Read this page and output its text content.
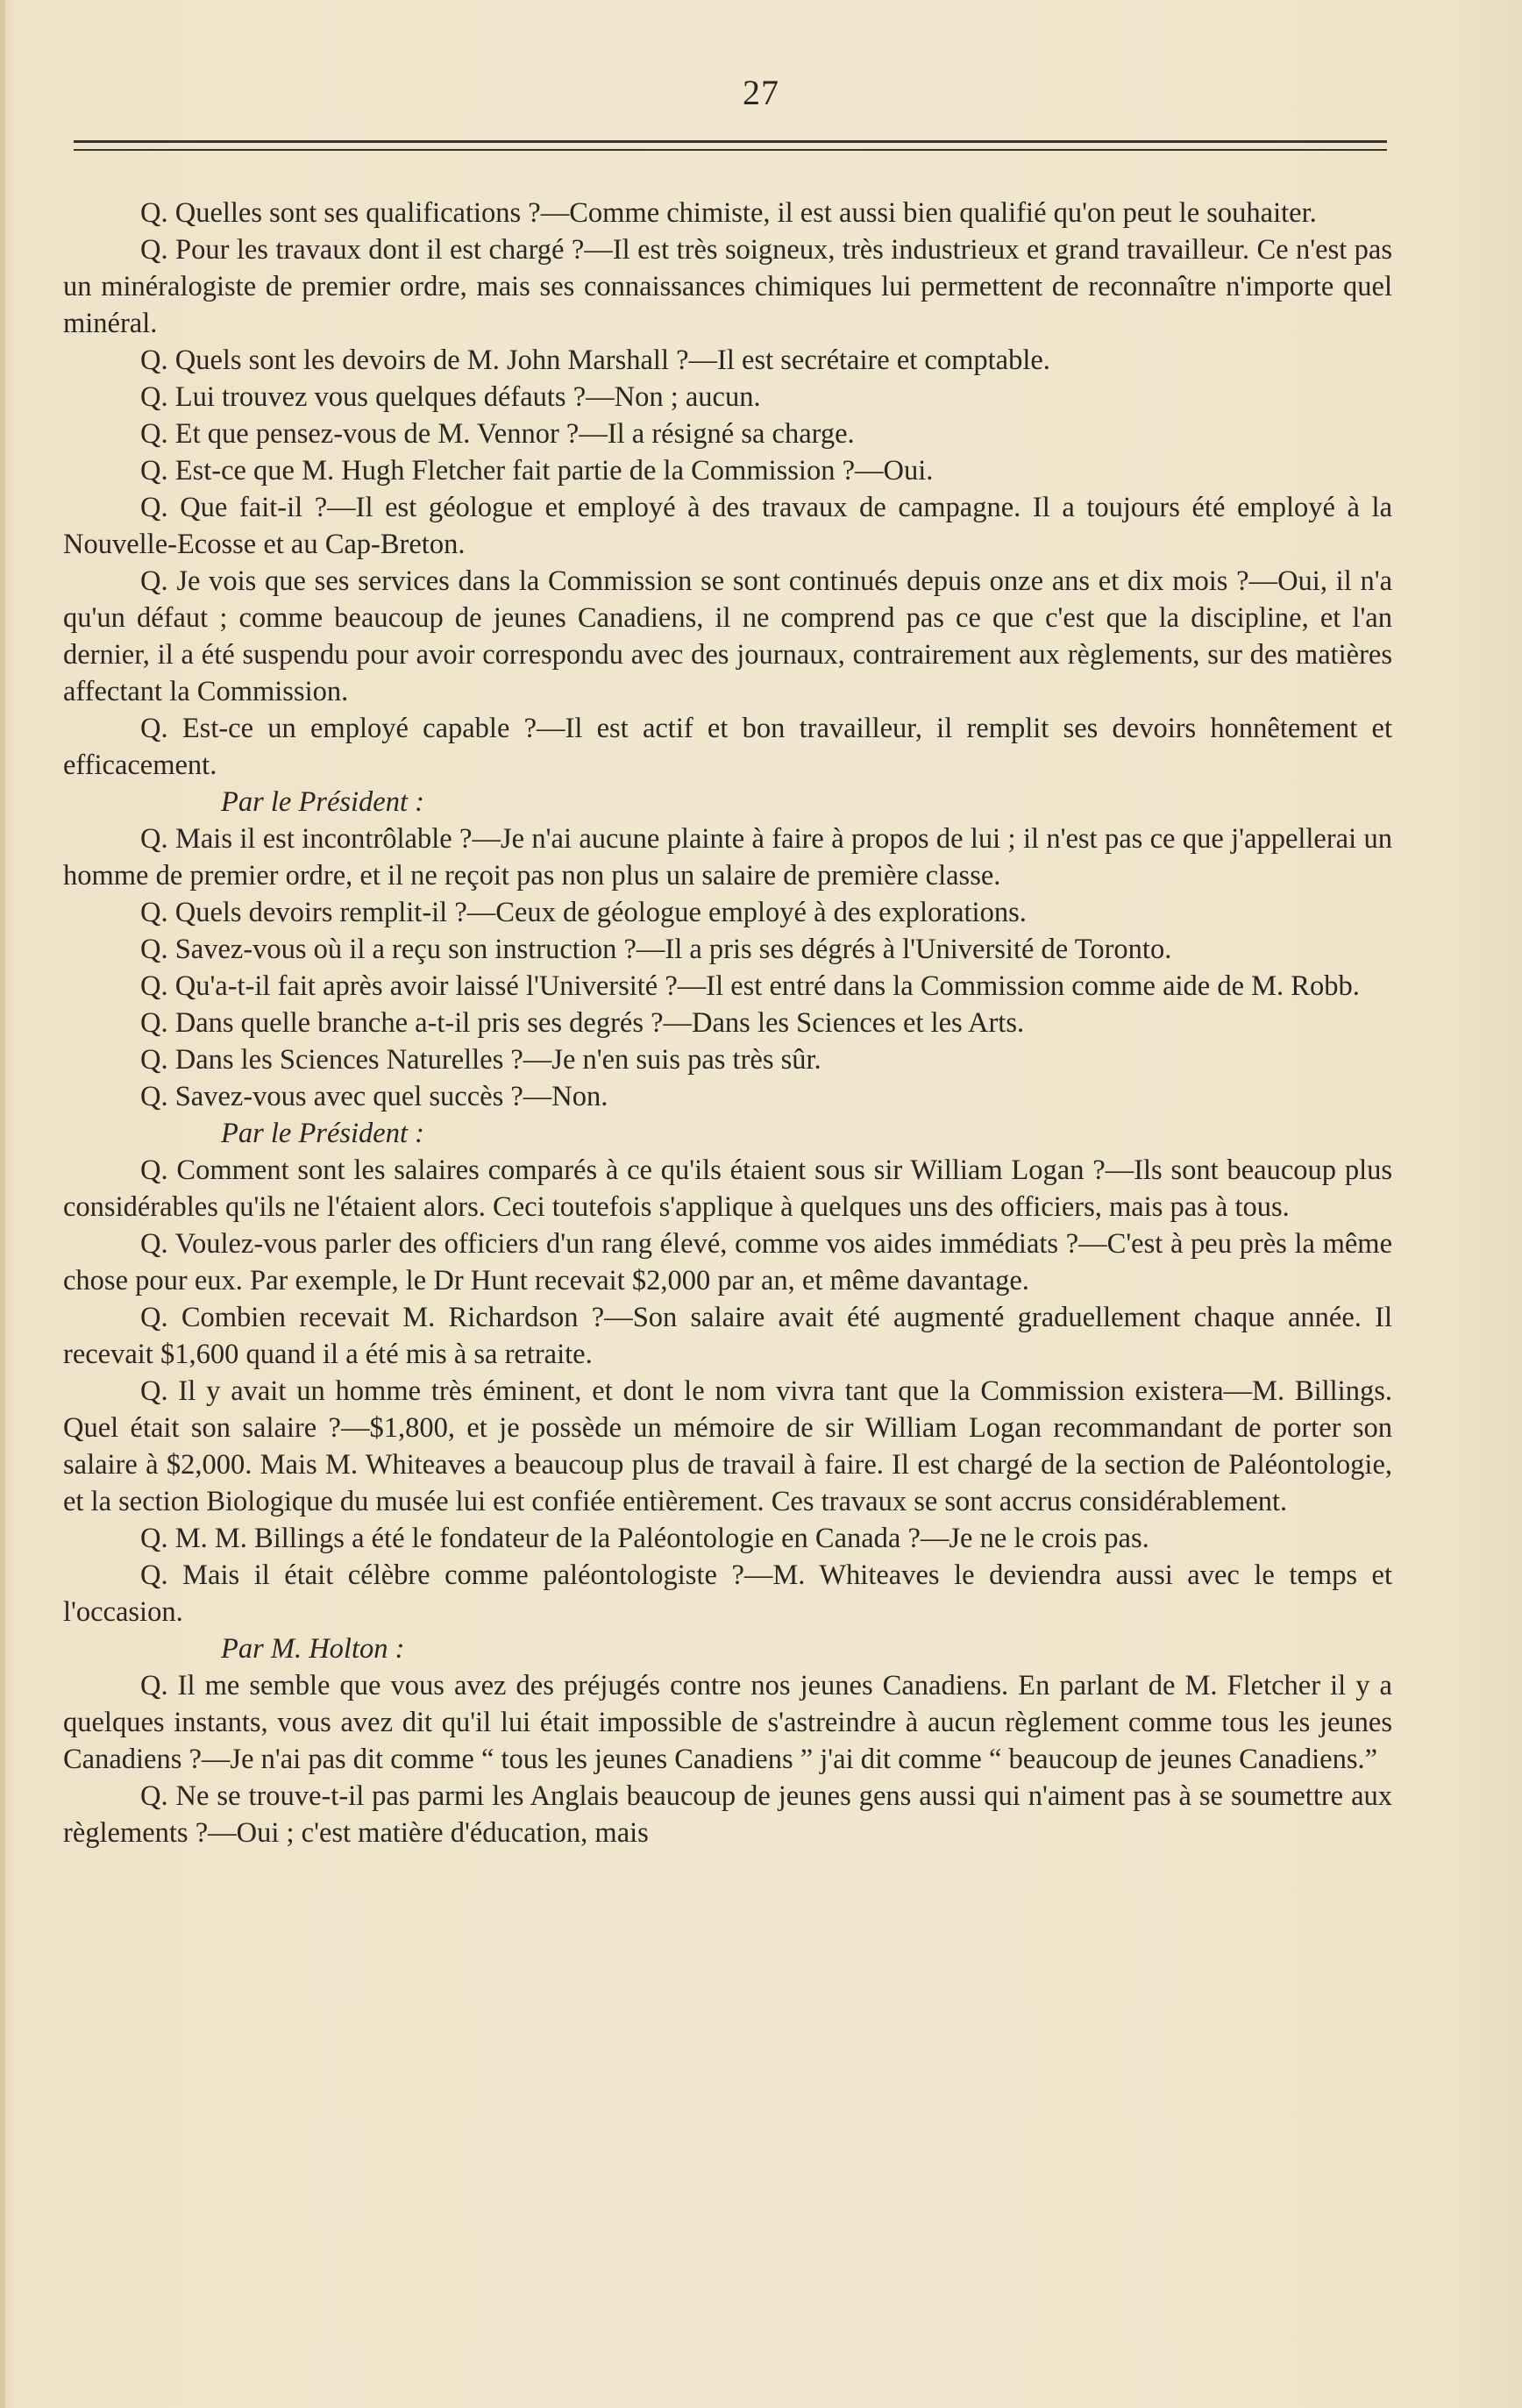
27

Q. Quelles sont ses qualifications ?—Comme chimiste, il est aussi bien qualifié qu'on peut le souhaiter.

Q. Pour les travaux dont il est chargé ?—Il est très soigneux, très industrieux et grand travailleur. Ce n'est pas un minéralogiste de premier ordre, mais ses connaissances chimiques lui permettent de reconnaître n'importe quel minéral.

Q. Quels sont les devoirs de M. John Marshall ?—Il est secrétaire et comptable.

Q. Lui trouvez vous quelques défauts ?—Non ; aucun.

Q. Et que pensez-vous de M. Vennor ?—Il a résigné sa charge.

Q. Est-ce que M. Hugh Fletcher fait partie de la Commission ?—Oui.

Q. Que fait-il ?—Il est géologue et employé à des travaux de campagne. Il a toujours été employé à la Nouvelle-Ecosse et au Cap-Breton.

Q. Je vois que ses services dans la Commission se sont continués depuis onze ans et dix mois ?—Oui, il n'a qu'un défaut ; comme beaucoup de jeunes Canadiens, il ne comprend pas ce que c'est que la discipline, et l'an dernier, il a été suspendu pour avoir correspondu avec des journaux, contrairement aux règlements, sur des matières affectant la Commission.

Q. Est-ce un employé capable ?—Il est actif et bon travailleur, il remplit ses devoirs honnêtement et efficacement.

Par le Président :

Q. Mais il est incontrôlable ?—Je n'ai aucune plainte à faire à propos de lui ; il n'est pas ce que j'appellerai un homme de premier ordre, et il ne reçoit pas non plus un salaire de première classe.

Q. Quels devoirs remplit-il ?—Ceux de géologue employé à des explorations.

Q. Savez-vous où il a reçu son instruction ?—Il a pris ses dégrés à l'Université de Toronto.

Q. Qu'a-t-il fait après avoir laissé l'Université ?—Il est entré dans la Commission comme aide de M. Robb.

Q. Dans quelle branche a-t-il pris ses degrés ?—Dans les Sciences et les Arts.

Q. Dans les Sciences Naturelles ?—Je n'en suis pas très sûr.

Q. Savez-vous avec quel succès ?—Non.

Par le Président :

Q. Comment sont les salaires comparés à ce qu'ils étaient sous sir William Logan ?—Ils sont beaucoup plus considérables qu'ils ne l'étaient alors. Ceci toutefois s'applique à quelques uns des officiers, mais pas à tous.

Q. Voulez-vous parler des officiers d'un rang élevé, comme vos aides immédiats ?—C'est à peu près la même chose pour eux. Par exemple, le Dr Hunt recevait $2,000 par an, et même davantage.

Q. Combien recevait M. Richardson ?—Son salaire avait été augmenté graduellement chaque année. Il recevait $1,600 quand il a été mis à sa retraite.

Q. Il y avait un homme très éminent, et dont le nom vivra tant que la Commission existera—M. Billings. Quel était son salaire ?—$1,800, et je possède un mémoire de sir William Logan recommandant de porter son salaire à $2,000. Mais M. Whiteaves a beaucoup plus de travail à faire. Il est chargé de la section de Paléontologie, et la section Biologique du musée lui est confiée entièrement. Ces travaux se sont accrus considérablement.

Q. M. M. Billings a été le fondateur de la Paléontologie en Canada ?—Je ne le crois pas.

Q. Mais il était célèbre comme paléontologiste ?—M. Whiteaves le deviendra aussi avec le temps et l'occasion.

Par M. Holton :

Q. Il me semble que vous avez des préjugés contre nos jeunes Canadiens. En parlant de M. Fletcher il y a quelques instants, vous avez dit qu'il lui était impossible de s'astreindre à aucun règlement comme tous les jeunes Canadiens ?—Je n'ai pas dit comme “ tous les jeunes Canadiens ” j'ai dit comme “ beaucoup de jeunes Canadiens.”

Q. Ne se trouve-t-il pas parmi les Anglais beaucoup de jeunes gens aussi qui n'aiment pas à se soumettre aux règlements ?—Oui ; c'est matière d'éducation, mais
